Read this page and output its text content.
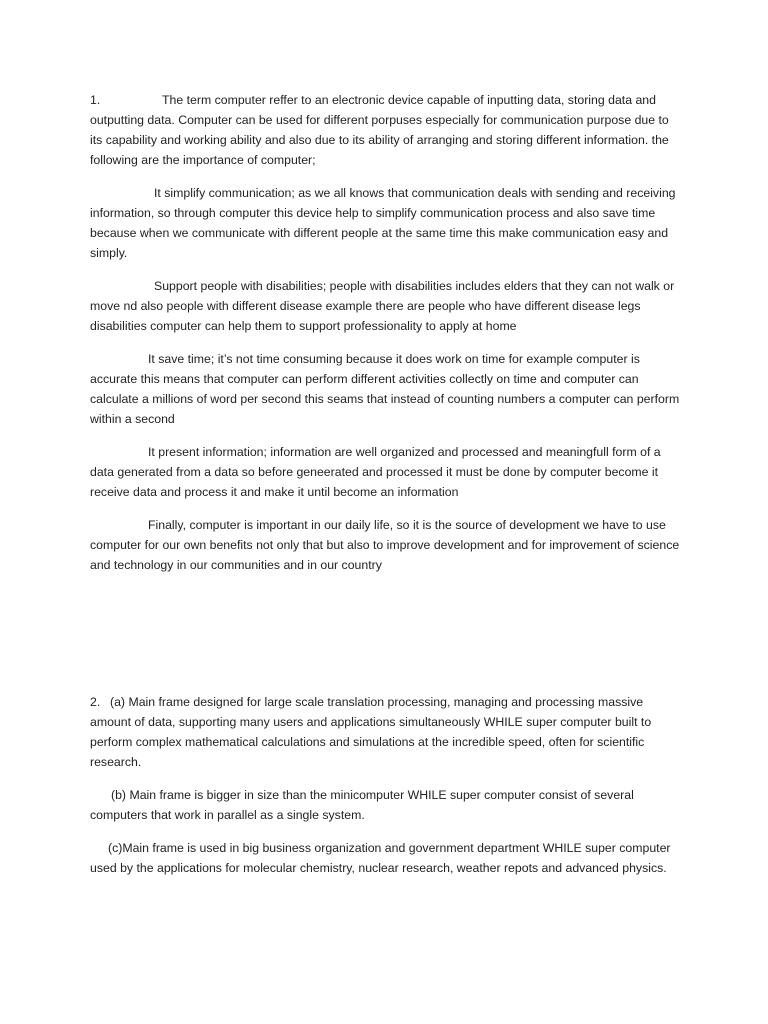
1.	The term computer reffer to an electronic device capable of inputting data, storing data and outputting data. Computer can be used for different porpuses especially for communication purpose due to its capability and working ability and also due to its ability of arranging and storing different information. the following are the importance of computer;

It simplify communication; as we all knows that communication deals with sending and receiving information, so through computer this device help to simplify communication process and also save time because when we communicate with different people at the same time this make communication easy and simply.

Support people with disabilities; people with disabilities includes elders that they can not walk or move nd also people with different disease example there are people who have different disease legs disabilities computer can help them to support professionality to apply at home

It save time; it’s not time consuming because it does work on time for example computer is accurate this means that computer can perform different activities collectly on time and computer can calculate a millions of word per second this seams that instead of counting numbers a computer can perform within a second

It present information; information are well organized and processed and meaningfull form of a data generated from a data so before geneerated and processed it must be done by computer become it receive data and process it and make it until become an information

Finally, computer is important in our daily life, so it is the source of development we have to use computer for our own benefits not only that but also to improve development and for improvement of science and technology in our communities and in our country

2. (a) Main frame designed for large scale translation processing, managing and processing massive amount of data, supporting many users and applications simultaneously WHILE super computer built to perform complex mathematical calculations and simulations at the incredible speed, often for scientific research.

(b) Main frame is bigger in size than the minicomputer WHILE super computer consist of several computers that work in parallel as a single system.

(c)Main frame is used in big business organization and government department WHILE super computer used by the applications for molecular chemistry, nuclear research, weather repots and advanced physics.
